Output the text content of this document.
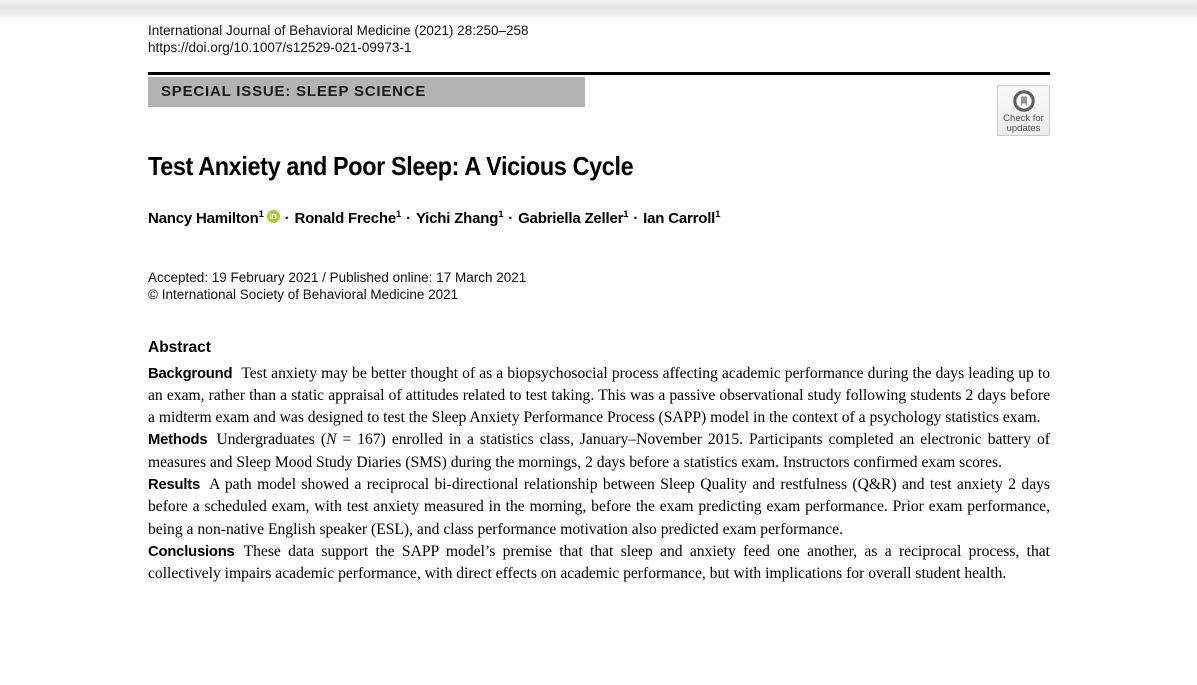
Check for
updates
International Journal of Behavioral Medicine (2021) 28:250–258
https://doi.org/10.1007/s12529-021-09973-1
SPECIAL ISSUE: SLEEP SCIENCE
Test Anxiety and Poor Sleep: A Vicious Cycle
Nancy Hamilton$^1$ iD · Ronald Freche$^1$ · Yichi Zhang$^1$ · Gabriella Zeller$^1$ · Ian Carroll$^1$
Accepted: 19 February 2021 / Published online: 17 March 2021
© International Society of Behavioral Medicine 2021
Abstract

Background Test anxiety may be better thought of as a biopsychosocial process affecting academic performance during the days leading up to an exam, rather than a static appraisal of attitudes related to test taking. This was a passive observational study following students 2 days before a midterm exam and was designed to test the Sleep Anxiety Performance Process (SAPP) model in the context of a psychology statistics exam.

Methods Undergraduates (N = 167) enrolled in a statistics class, January–November 2015. Participants completed an electronic battery of measures and Sleep Mood Study Diaries (SMS) during the mornings, 2 days before a statistics exam. Instructors confirmed exam scores.

Results A path model showed a reciprocal bi-directional relationship between Sleep Quality and restfulness (Q&R) and test anxiety 2 days before a scheduled exam, with test anxiety measured in the morning, before the exam predicting exam performance. Prior exam performance, being a non-native English speaker (ESL), and class performance motivation also predicted exam performance.

Conclusions These data support the SAPP model’s premise that that sleep and anxiety feed one another, as a reciprocal process, that collectively impairs academic performance, with direct effects on academic performance, but with implications for overall student health.
